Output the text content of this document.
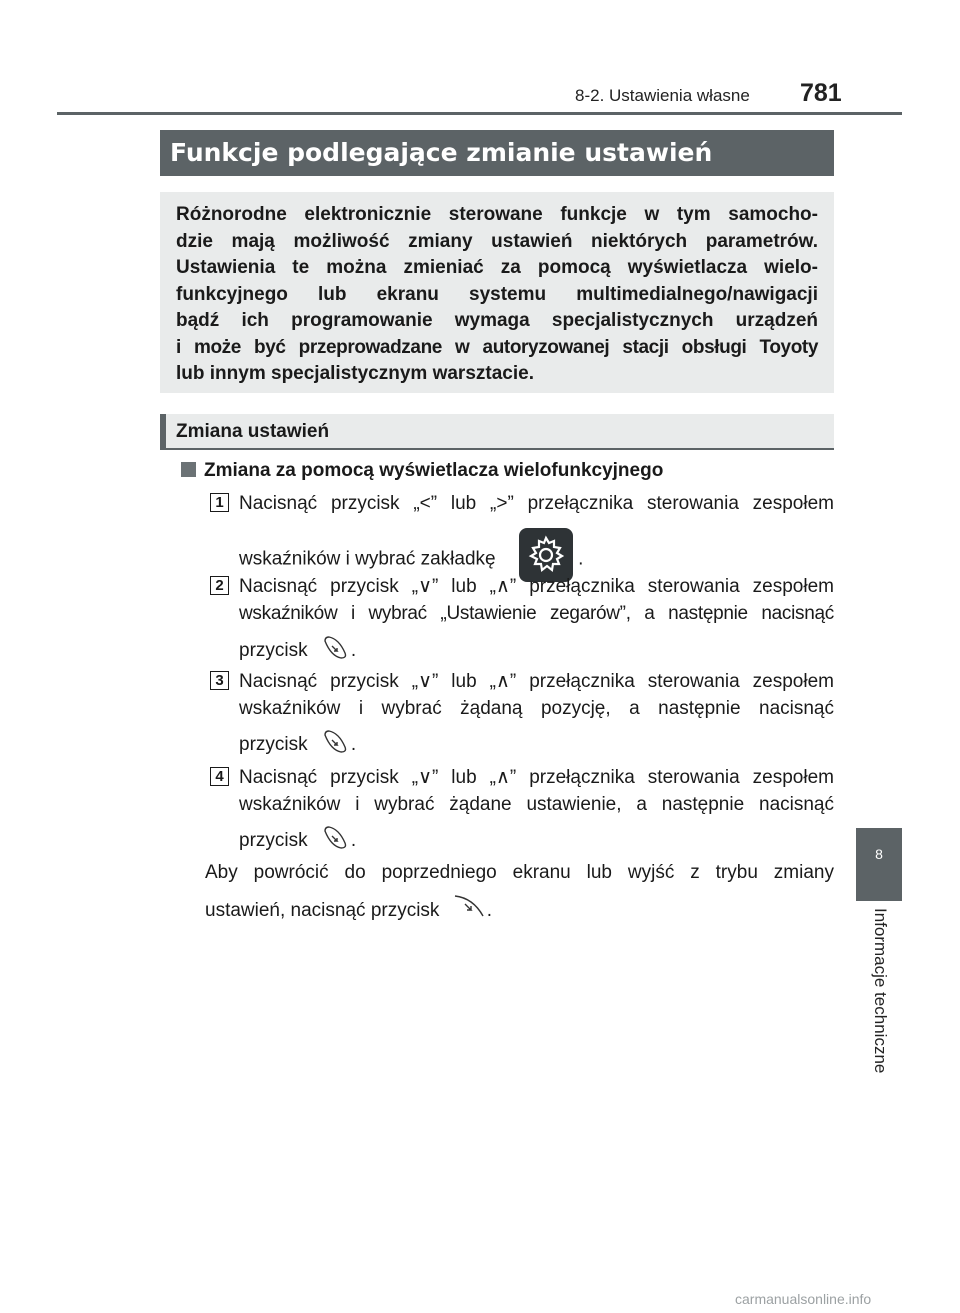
8-2. Ustawienia własne 781
Funkcje podlegające zmianie ustawień
Różnorodne elektronicznie sterowane funkcje w tym samocho-
dzie mają możliwość zmiany ustawień niektórych parametrów.
Ustawienia te można zmieniać za pomocą wyświetlacza wielo-
funkcyjnego lub ekranu systemu multimedialnego/nawigacji
bądź ich programowanie wymaga specjalistycznych urządzeń
i może być przeprowadzane w autoryzowanej stacji obsługi Toyoty
lub innym specjalistycznym warsztacie.
Zmiana ustawień
Zmiana za pomocą wyświetlacza wielofunkcyjnego
1 Nacisnąć przycisk „<” lub „>” przełącznika sterowania zespołem
wskaźników i wybrać zakładkę	.
2 Nacisnąć przycisk „∨” lub „∧” przełącznika sterowania zespołem
wskaźników i wybrać „Ustawienie zegarów”, a następnie nacisnąć
przycisk .
3 Nacisnąć przycisk „∨” lub „∧” przełącznika sterowania zespołem
wskaźników i wybrać żądaną pozycję, a następnie nacisnąć
przycisk .
4 Nacisnąć przycisk „∨” lub „∧” przełącznika sterowania zespołem
wskaźników i wybrać żądane ustawienie, a następnie nacisnąć
przycisk .
Aby powrócić do poprzedniego ekranu lub wyjść z trybu zmiany
ustawień, nacisnąć przycisk .
8
Informacje techniczne
carmanualsonline.info
